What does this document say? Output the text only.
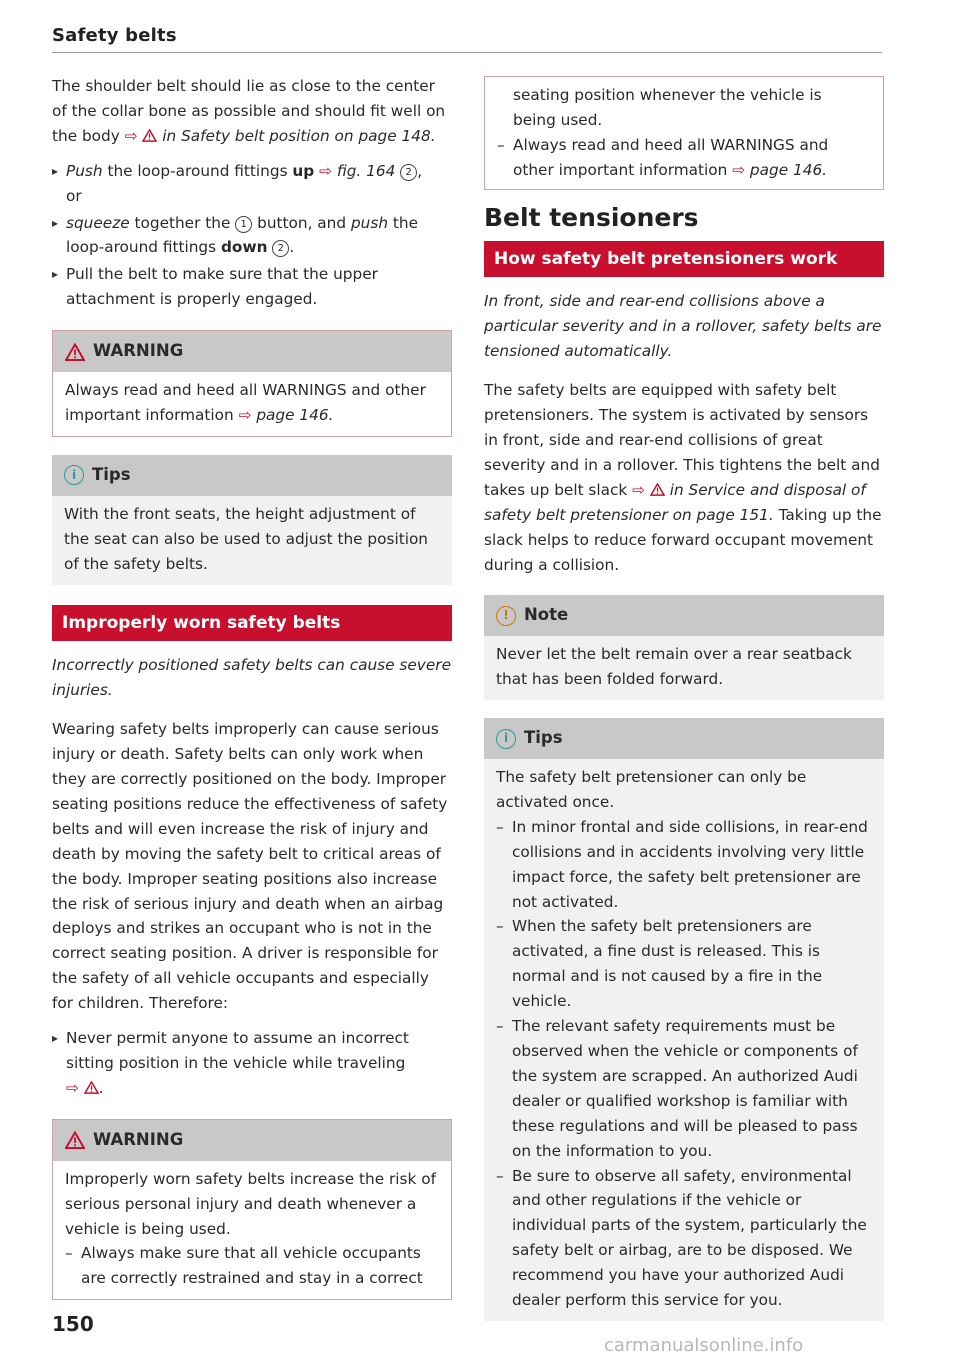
Safety belts

The shoulder belt should lie as close to the center of the collar bone as possible and should fit well on the body ⇨ in Safety belt position on page 148.

▸ Push the loop-around fittings up ⇨ fig. 164 2 ,
or
▸ squeeze together the 1 button, and push the loop-around fittings down 2 .
▸ Pull the belt to make sure that the upper attachment is properly engaged.
WARNING
Always read and heed all WARNINGS and other important information ⇨ page 146.
i Tips
With the front seats, the height adjustment of the seat can also be used to adjust the position of the safety belts.
Improperly worn safety belts

Incorrectly positioned safety belts can cause severe injuries.

Wearing safety belts improperly can cause serious injury or death. Safety belts can only work when they are correctly positioned on the body. Improper seating positions reduce the effectiveness of safety belts and will even increase the risk of injury and death by moving the safety belt to critical areas of the body. Improper seating positions also increase the risk of serious injury and death when an airbag deploys and strikes an occupant who is not in the correct seating position. A driver is responsible for the safety of all vehicle occupants and especially for children. Therefore:

▸ Never permit anyone to assume an incorrect sitting position in the vehicle while traveling
⇨ .
WARNING
Improperly worn safety belts increase the risk of serious personal injury and death whenever a vehicle is being used.
– Always make sure that all vehicle occupants are correctly restrained and stay in a correct
seating position whenever the vehicle is being used.
– Always read and heed all WARNINGS and other important information ⇨ page 146.
Belt tensioners
How safety belt pretensioners work

In front, side and rear-end collisions above a particular severity and in a rollover, safety belts are tensioned automatically.

The safety belts are equipped with safety belt pretensioners. The system is activated by sensors in front, side and rear-end collisions of great severity and in a rollover. This tightens the belt and takes up belt slack ⇨ in Service and disposal of safety belt pretensioner on page 151. Taking up the slack helps to reduce forward occupant movement during a collision.

! Note
Never let the belt remain over a rear seatback that has been folded forward.
i Tips
The safety belt pretensioner can only be activated once.
– In minor frontal and side collisions, in rear-end collisions and in accidents involving very little impact force, the safety belt pretensioner are not activated.
– When the safety belt pretensioners are activated, a fine dust is released. This is normal and is not caused by a fire in the vehicle.
– The relevant safety requirements must be observed when the vehicle or components of the system are scrapped. An authorized Audi dealer or qualified workshop is familiar with these regulations and will be pleased to pass on the information to you.
– Be sure to observe all safety, environmental and other regulations if the vehicle or individual parts of the system, particularly the safety belt or airbag, are to be disposed. We recommend you have your authorized Audi dealer perform this service for you.
150
carmanualsonline.info
